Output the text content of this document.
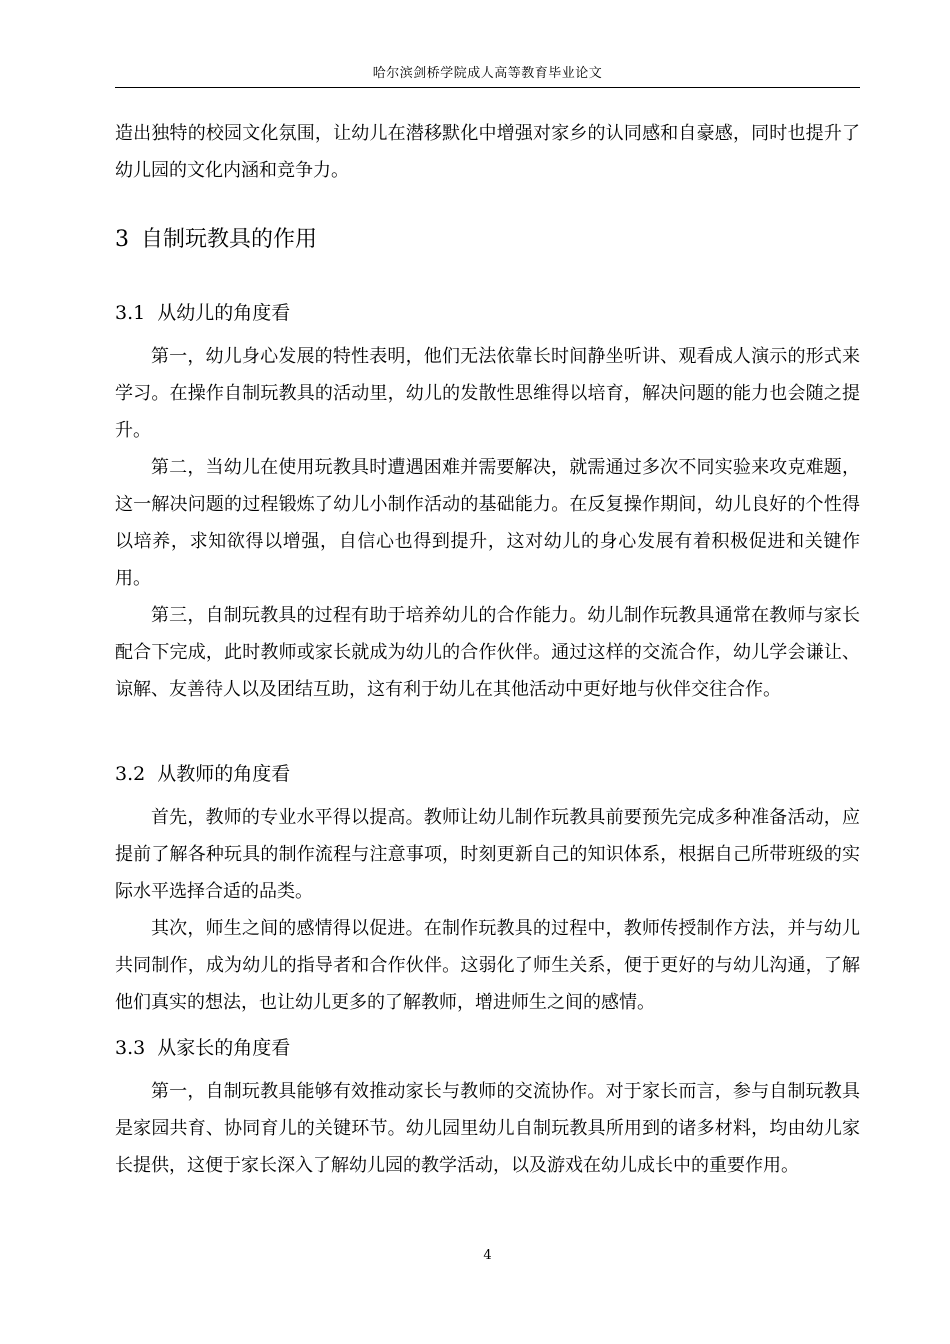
哈尔滨剑桥学院成人高等教育毕业论文

造出独特的校园文化氛围，让幼儿在潜移默化中增强对家乡的认同感和自豪感，同时也提升了幼儿园的文化内涵和竞争力。

3 自制玩教具的作用
3.1 从幼儿的角度看

第一，幼儿身心发展的特性表明，他们无法依靠长时间静坐听讲、观看成人演示的形式来学习。在操作自制玩教具的活动里，幼儿的发散性思维得以培育，解决问题的能力也会随之提升。

第二，当幼儿在使用玩教具时遭遇困难并需要解决，就需通过多次不同实验来攻克难题，这一解决问题的过程锻炼了幼儿小制作活动的基础能力。在反复操作期间，幼儿良好的个性得以培养，求知欲得以增强，自信心也得到提升，这对幼儿的身心发展有着积极促进和关键作用。

第三，自制玩教具的过程有助于培养幼儿的合作能力。幼儿制作玩教具通常在教师与家长配合下完成，此时教师或家长就成为幼儿的合作伙伴。通过这样的交流合作，幼儿学会谦让、谅解、友善待人以及团结互助，这有利于幼儿在其他活动中更好地与伙伴交往合作。

3.2 从教师的角度看

首先，教师的专业水平得以提高。教师让幼儿制作玩教具前要预先完成多种准备活动，应提前了解各种玩具的制作流程与注意事项，时刻更新自己的知识体系，根据自己所带班级的实际水平选择合适的品类。

其次，师生之间的感情得以促进。在制作玩教具的过程中，教师传授制作方法，并与幼儿共同制作，成为幼儿的指导者和合作伙伴。这弱化了师生关系，便于更好的与幼儿沟通，了解他们真实的想法，也让幼儿更多的了解教师，增进师生之间的感情。

3.3 从家长的角度看

第一，自制玩教具能够有效推动家长与教师的交流协作。对于家长而言，参与自制玩教具是家园共育、协同育儿的关键环节。幼儿园里幼儿自制玩教具所用到的诸多材料，均由幼儿家长提供，这便于家长深入了解幼儿园的教学活动，以及游戏在幼儿成长中的重要作用。

4
